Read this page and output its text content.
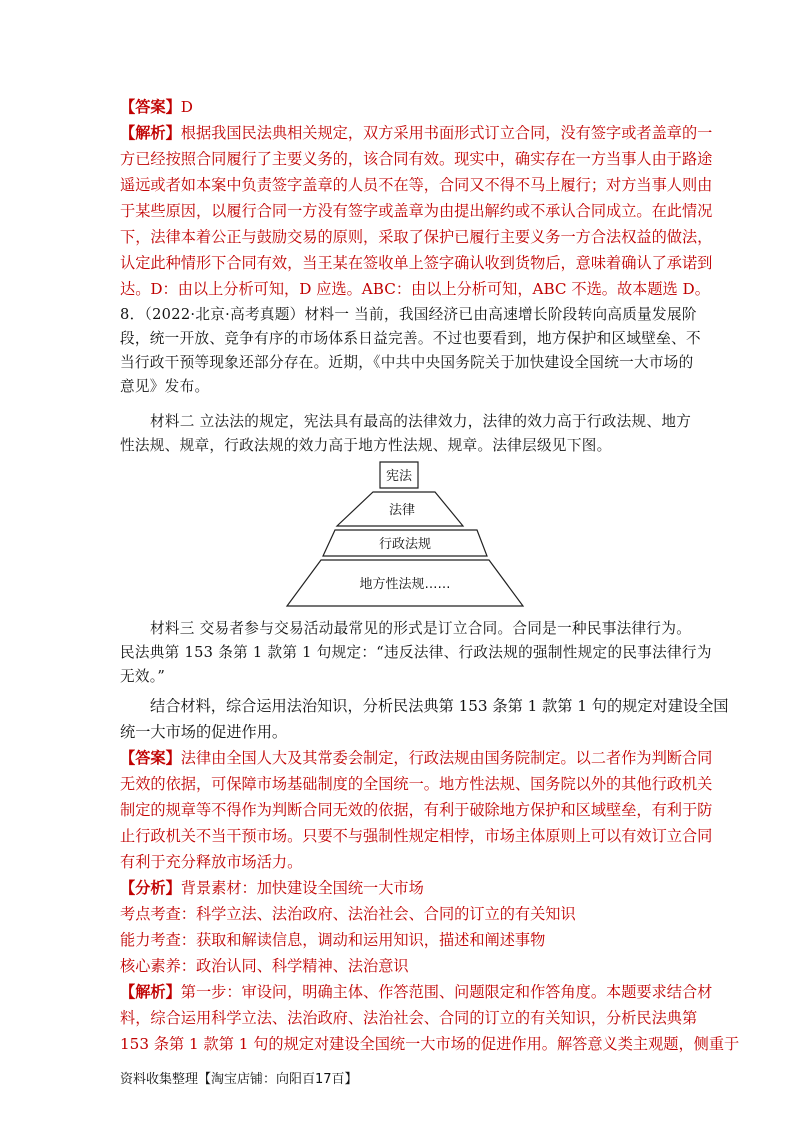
【答案】D
【解析】根据我国民法典相关规定，双方采用书面形式订立合同，没有签字或者盖章的一
方已经按照合同履行了主要义务的，该合同有效。现实中，确实存在一方当事人由于路途
遥远或者如本案中负责签字盖章的人员不在等，合同又不得不马上履行；对方当事人则由
于某些原因，以履行合同一方没有签字或盖章为由提出解约或不承认合同成立。在此情况
下，法律本着公正与鼓励交易的原则，采取了保护已履行主要义务一方合法权益的做法，
认定此种情形下合同有效，当王某在签收单上签字确认收到货物后，意味着确认了承诺到
达。D：由以上分析可知，D 应选。ABC：由以上分析可知，ABC 不选。故本题选 D。
8．（2022·北京·高考真题）材料一 当前，我国经济已由高速增长阶段转向高质量发展阶
段，统一开放、竞争有序的市场体系日益完善。不过也要看到，地方保护和区域壁垒、不
当行政干预等现象还部分存在。近期，《中共中央国务院关于加快建设全国统一大市场的
意见》发布。
材料二 立法法的规定，宪法具有最高的法律效力，法律的效力高于行政法规、地方
性法规、规章，行政法规的效力高于地方性法规、规章。法律层级见下图。
宪法
法律
行政法规
地方性法规……
材料三 交易者参与交易活动最常见的形式是订立合同。合同是一种民事法律行为。
民法典第 153 条第 1 款第 1 句规定：“违反法律、行政法规的强制性规定的民事法律行为
无效。”
结合材料，综合运用法治知识，分析民法典第 153 条第 1 款第 1 句的规定对建设全国
统一大市场的促进作用。
【答案】法律由全国人大及其常委会制定，行政法规由国务院制定。以二者作为判断合同
无效的依据，可保障市场基础制度的全国统一。地方性法规、国务院以外的其他行政机关
制定的规章等不得作为判断合同无效的依据，有利于破除地方保护和区域壁垒，有利于防
止行政机关不当干预市场。只要不与强制性规定相悖，市场主体原则上可以有效订立合同
有利于充分释放市场活力。
【分析】背景素材：加快建设全国统一大市场
考点考查：科学立法、法治政府、法治社会、合同的订立的有关知识
能力考查：获取和解读信息，调动和运用知识，描述和阐述事物
核心素养：政治认同、科学精神、法治意识
【解析】第一步：审设问，明确主体、作答范围、问题限定和作答角度。本题要求结合材
料，综合运用科学立法、法治政府、法治社会、合同的订立的有关知识，分析民法典第
153 条第 1 款第 1 句的规定对建设全国统一大市场的促进作用。解答意义类主观题，侧重于
资料收集整理【淘宝店铺：向阳百17百】
